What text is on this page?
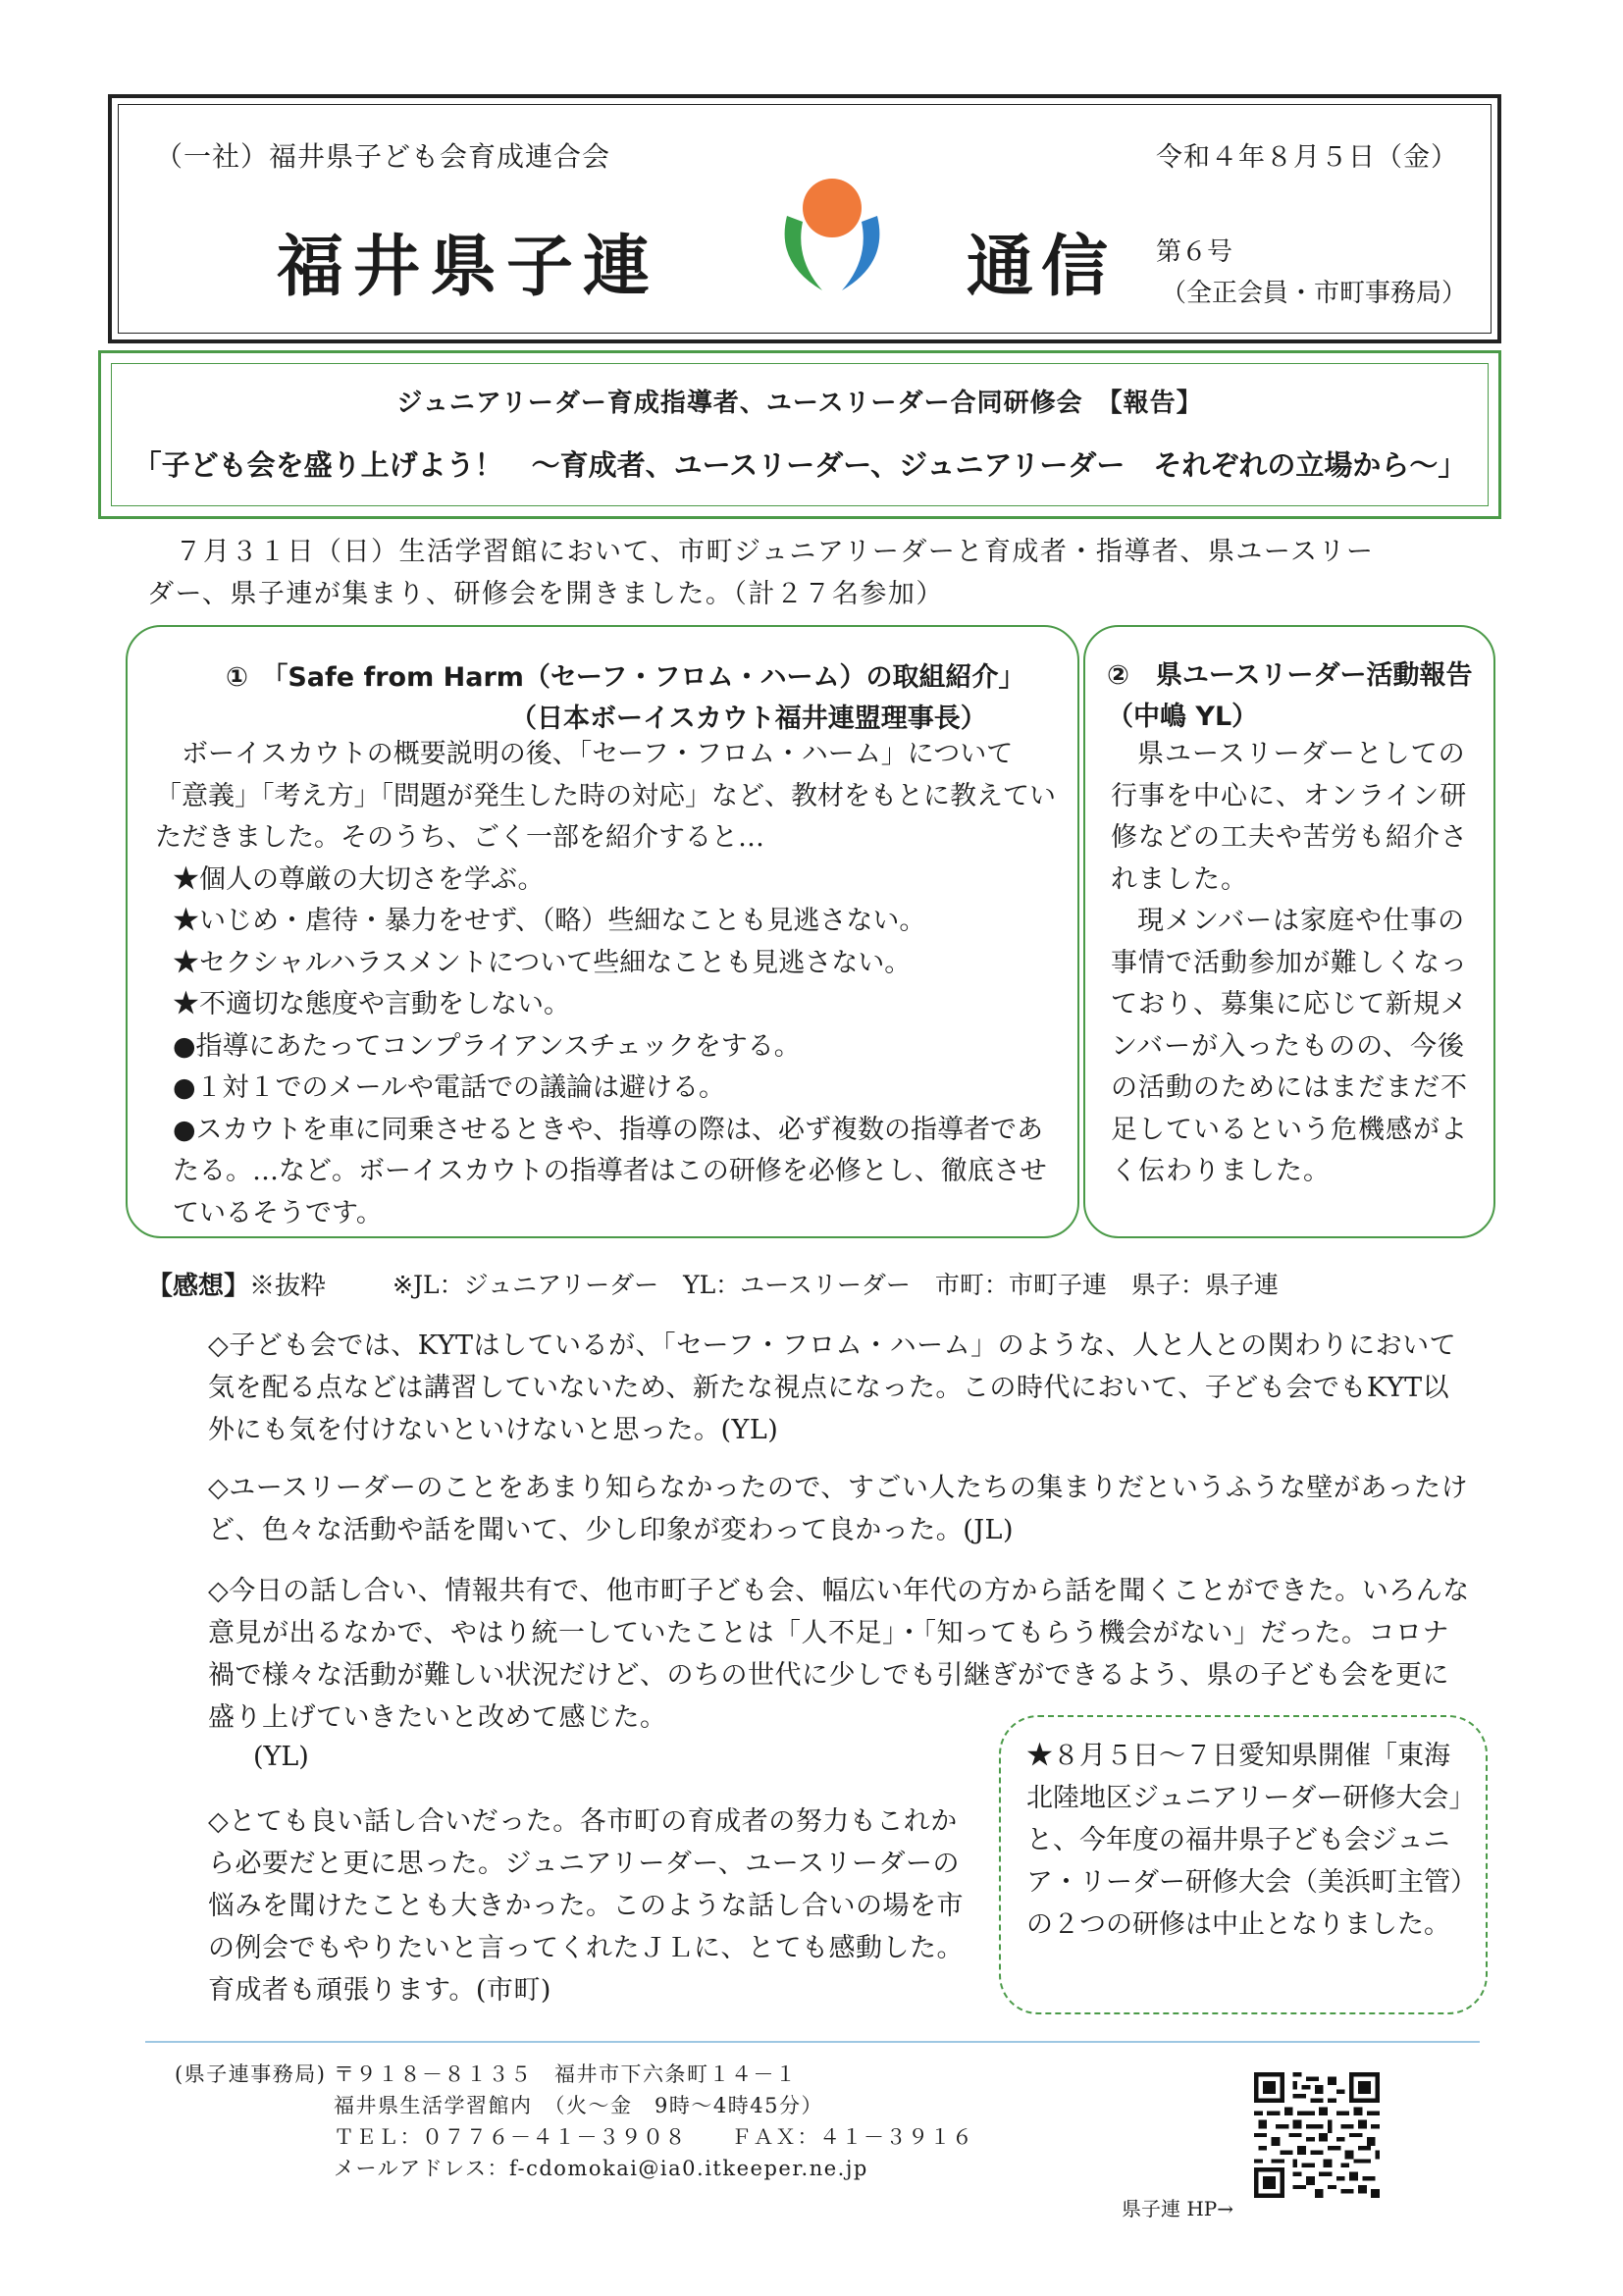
（一社）福井県子ども会育成連合会	令和４年８月５日（金）
福井県子連	通信 第６号
（全正会員・市町事務局）
ジュニアリーダー育成指導者、ユースリーダー合同研修会　【報告】
「子ども会を盛り上げよう！　～育成者、ユースリーダー、ジュニアリーダー　それぞれの立場から～」
　７月３１日（日）生活学習館において、市町ジュニアリーダーと育成者・指導者、県ユースリー
ダー、県子連が集まり、研修会を開きました。（計２７名参加）
①　「Safe from Harm（セーフ・フロム・ハーム）の取組紹介」
（日本ボーイスカウト福井連盟理事長）

ボーイスカウトの概要説明の後、「セーフ・フロム・ハーム」について「意義」「考え方」「問題が発生した時の対応」など、教材をもとに教えていただきました。そのうち、ごく一部を紹介すると…

★個人の尊厳の大切さを学ぶ。

★いじめ・虐待・暴力をせず、（略）些細なことも見逃さない。

★セクシャルハラスメントについて些細なことも見逃さない。

★不適切な態度や言動をしない。

●指導にあたってコンプライアンスチェックをする。

●１対１でのメールや電話での議論は避ける。

●スカウトを車に同乗させるときや、指導の際は、必ず複数の指導者であたる。…など。ボーイスカウトの指導者はこの研修を必修とし、徹底させているそうです。

②　県ユースリーダー活動報告（中嶋 YL）

県ユースリーダーとしての行事を中心に、オンライン研修などの工夫や苦労も紹介されました。

現メンバーは家庭や仕事の事情で活動参加が難しくなっており、募集に応じて新規メンバーが入ったものの、今後の活動のためにはまだまだ不足しているという危機感がよく伝わりました。

【感想】※抜粋	※JL：ジュニアリーダー　YL：ユースリーダー　市町：市町子連　県子：県子連

◇子ども会では、KYTはしているが、「セーフ・フロム・ハーム」のような、人と人との関わりにおいて気を配る点などは講習していないため、新たな視点になった。この時代において、子ども会でもKYT以外にも気を付けないといけないと思った。(YL)

◇ユースリーダーのことをあまり知らなかったので、すごい人たちの集まりだというふうな壁があったけど、色々な活動や話を聞いて、少し印象が変わって良かった。(JL)

◇今日の話し合い、情報共有で、他市町子ども会、幅広い年代の方から話を聞くことができた。いろんな意見が出るなかで、やはり統一していたことは「人不足」・「知ってもらう機会がない」だった。コロナ禍で様々な活動が難しい状況だけど、のちの世代に少しでも引継ぎができるよう、県の子ども会を更に盛り上げていきたいと改めて感じた。

(YL)

◇とても良い話し合いだった。各市町の育成者の努力もこれから必要だと更に思った。ジュニアリーダー、ユースリーダーの悩みを聞けたことも大きかった。このような話し合いの場を市の例会でもやりたいと言ってくれたＪＬに、とても感動した。育成者も頑張ります。(市町)

★８月５日～７日愛知県開催「東海北陸地区ジュニアリーダー研修大会」と、今年度の福井県子ども会ジュニア・リーダー研修大会（美浜町主管）の２つの研修は中止となりました。

(県子連事務局) 〒９１８－８１３５　福井市下六条町１４－１
福井県生活学習館内　（火～金　9時～4時45分）
ＴＥＬ：０７７６－４１－３９０８　　ＦＡＸ：４１－３９１６
メールアドレス：f-cdomokai@ia0.itkeeper.ne.jp
県子連 HP→
